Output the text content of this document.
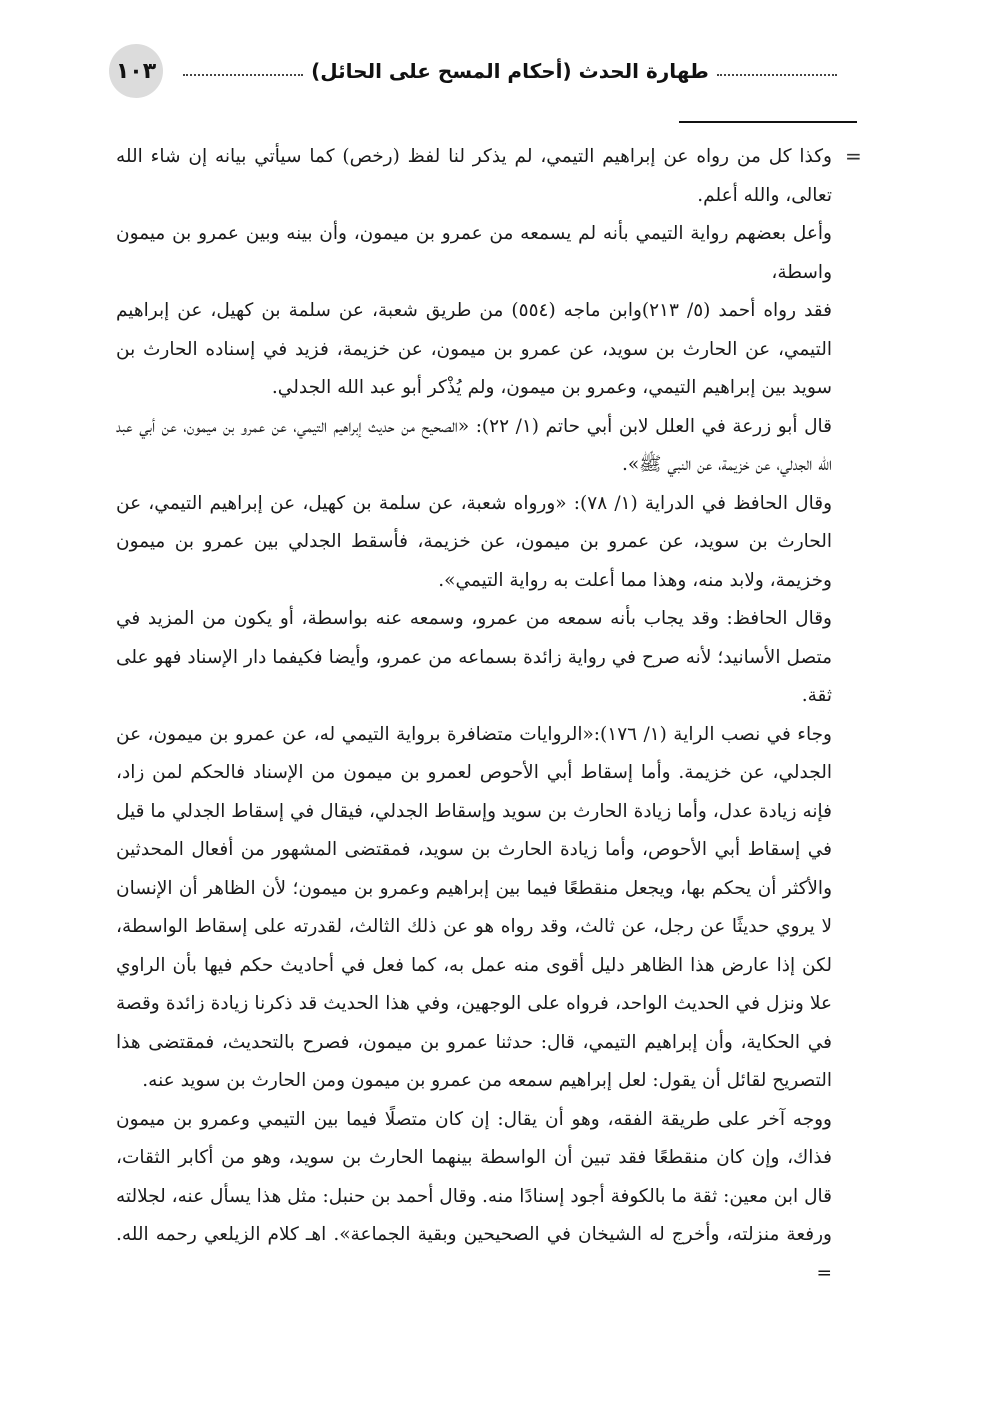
١٠٣	طهارة الحدث (أحكام المسح على الحائل)
=

وكذا كل من رواه عن إبراهيم التيمي، لم يذكر لنا لفظ (رخص) كما سيأتي بيانه إن شاء الله تعالى، والله أعلم.

وأعل بعضهم رواية التيمي بأنه لم يسمعه من عمرو بن ميمون، وأن بينه وبين عمرو بن ميمون واسطة،

فقد رواه أحمد (٥/ ٢١٣)وابن ماجه (٥٥٤) من طريق شعبة، عن سلمة بن كهيل، عن إبراهيم التيمي، عن الحارث بن سويد، عن عمرو بن ميمون، عن خزيمة، فزيد في إسناده الحارث بن سويد بين إبراهيم التيمي، وعمرو بن ميمون، ولم يُذْكر أبو عبد الله الجدلي.

قال أبو زرعة في العلل لابن أبي حاتم (١/ ٢٢): «الصحيح من حديث إبراهيم التيمي، عن عمرو بن ميمون، عن أبي عبد الله الجدلي، عن خزيمة، عن النبي ﷺ».

وقال الحافظ في الدراية (١/ ٧٨): «ورواه شعبة، عن سلمة بن كهيل، عن إبراهيم التيمي، عن الحارث بن سويد، عن عمرو بن ميمون، عن خزيمة، فأسقط الجدلي بين عمرو بن ميمون وخزيمة، ولابد منه، وهذا مما أعلت به رواية التيمي».

وقال الحافظ: وقد يجاب بأنه سمعه من عمرو، وسمعه عنه بواسطة، أو يكون من المزيد في متصل الأسانيد؛ لأنه صرح في رواية زائدة بسماعه من عمرو، وأيضا فكيفما دار الإسناد فهو على ثقة.

وجاء في نصب الراية (١/ ١٧٦):«الروايات متضافرة برواية التيمي له، عن عمرو بن ميمون، عن الجدلي، عن خزيمة. وأما إسقاط أبي الأحوص لعمرو بن ميمون من الإسناد فالحكم لمن زاد، فإنه زيادة عدل، وأما زيادة الحارث بن سويد وإسقاط الجدلي، فيقال في إسقاط الجدلي ما قيل في إسقاط أبي الأحوص، وأما زيادة الحارث بن سويد، فمقتضى المشهور من أفعال المحدثين والأكثر أن يحكم بها، ويجعل منقطعًا فيما بين إبراهيم وعمرو بن ميمون؛ لأن الظاهر أن الإنسان لا يروي حديثًا عن رجل، عن ثالث، وقد رواه هو عن ذلك الثالث، لقدرته على إسقاط الواسطة، لكن إذا عارض هذا الظاهر دليل أقوى منه عمل به، كما فعل في أحاديث حكم فيها بأن الراوي علا ونزل في الحديث الواحد، فرواه على الوجهين، وفي هذا الحديث قد ذكرنا زيادة زائدة وقصة في الحكاية، وأن إبراهيم التيمي، قال: حدثنا عمرو بن ميمون، فصرح بالتحديث، فمقتضى هذا التصريح لقائل أن يقول: لعل إبراهيم سمعه من عمرو بن ميمون ومن الحارث بن سويد عنه.

ووجه آخر على طريقة الفقه، وهو أن يقال: إن كان متصلًا فيما بين التيمي وعمرو بن ميمون فذاك، وإن كان منقطعًا فقد تبين أن الواسطة بينهما الحارث بن سويد، وهو من أكابر الثقات، قال ابن معين: ثقة ما بالكوفة أجود إسنادًا منه. وقال أحمد بن حنبل: مثل هذا يسأل عنه، لجلالته ورفعة منزلته، وأخرج له الشيخان في الصحيحين وبقية الجماعة». اهـ كلام الزيلعي رحمه الله. =
